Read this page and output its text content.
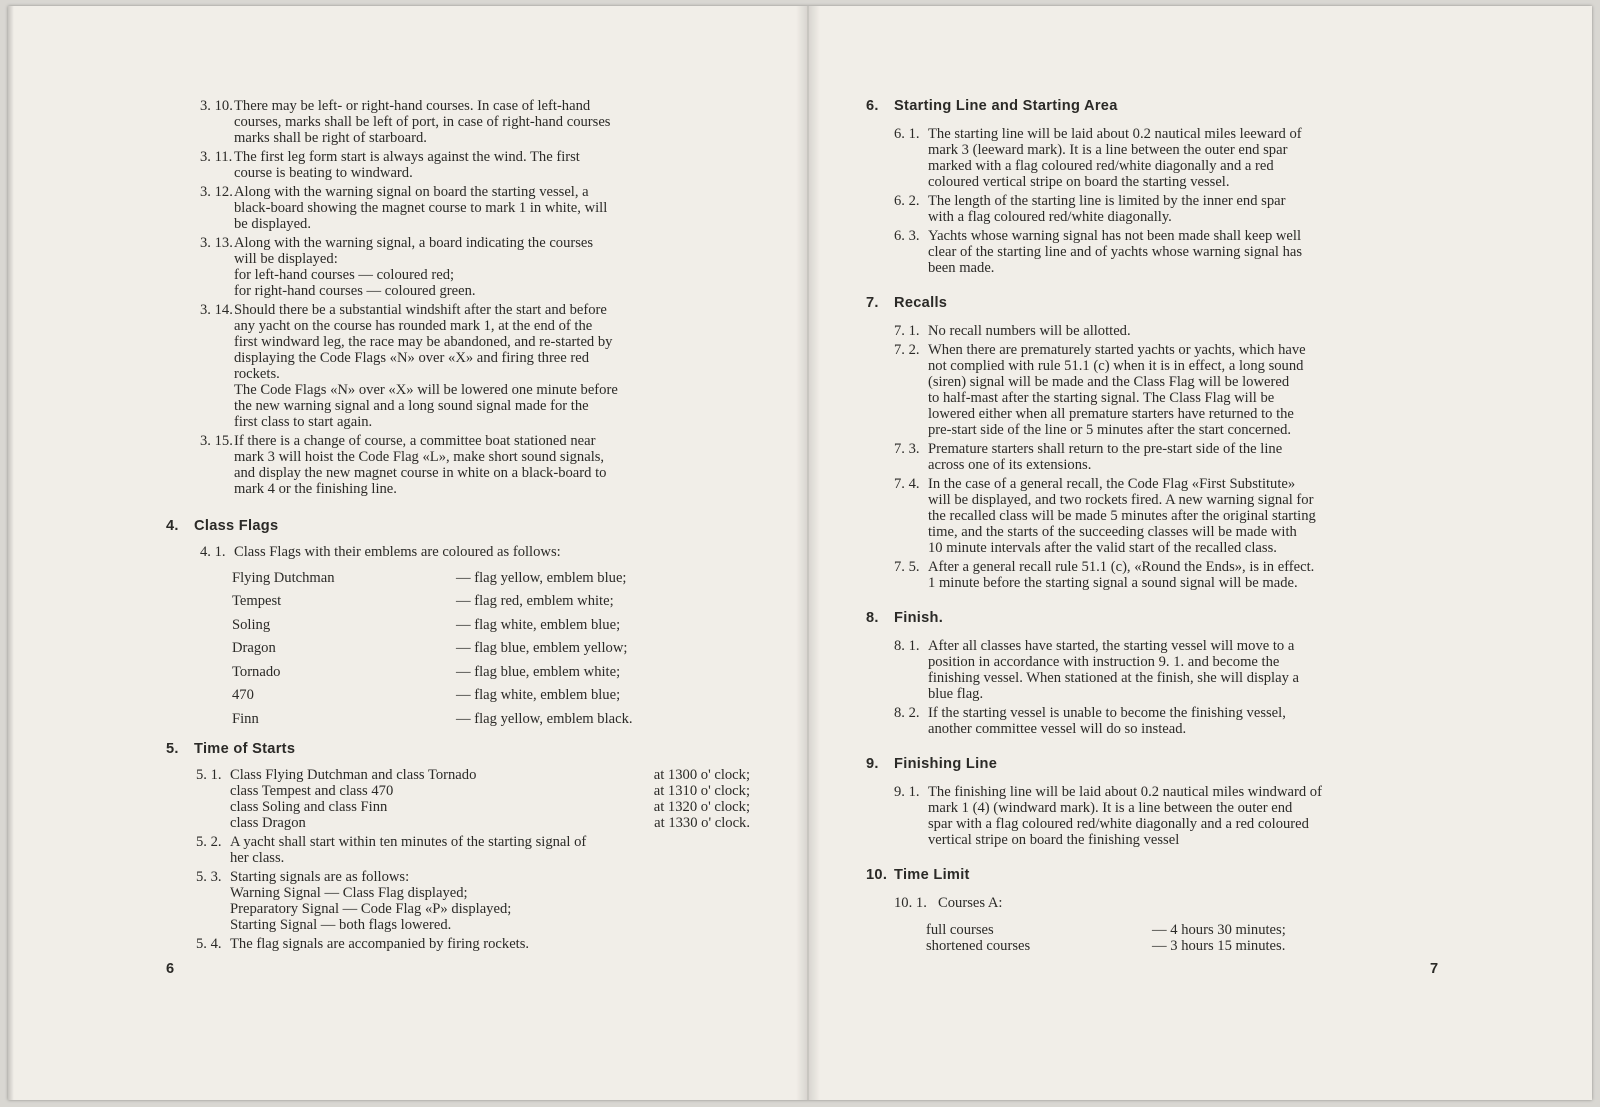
3. 10. There may be left- or right-hand courses. In case of left-hand
courses, marks shall be left of port, in case of right-hand courses
marks shall be right of starboard.
3. 11. The first leg form start is always against the wind. The first
course is beating to windward.
3. 12. Along with the warning signal on board the starting vessel, a
black-board showing the magnet course to mark 1 in white, will
be displayed.
3. 13. Along with the warning signal, a board indicating the courses
will be displayed:
for left-hand courses — coloured red;
for right-hand courses — coloured green.
3. 14. Should there be a substantial windshift after the start and before
any yacht on the course has rounded mark 1, at the end of the
first windward leg, the race may be abandoned, and re-started by
displaying the Code Flags «N» over «X» and firing three red
rockets.
The Code Flags «N» over «X» will be lowered one minute before
the new warning signal and a long sound signal made for the
first class to start again.
3. 15. If there is a change of course, a committee boat stationed near
mark 3 will hoist the Code Flag «L», make short sound signals,
and display the new magnet course in white on a black-board to
mark 4 or the finishing line.
4.	Class Flags
4. 1. Class Flags with their emblems are coloured as follows:
Flying Dutchman	— flag yellow, emblem blue;
Tempest	— flag red, emblem white;
Soling	— flag white, emblem blue;
Dragon	— flag blue, emblem yellow;
Tornado	— flag blue, emblem white;
470	— flag white, emblem blue;
Finn	— flag yellow, emblem black.
5.	Time of Starts
5. 1. Class Flying Dutchman and class Tornado	at 1300 o' clock;
class Tempest and class 470	at 1310 o' clock;
class Soling and class Finn	at 1320 o' clock;
class Dragon	at 1330 o' clock.
5. 2. A yacht shall start within ten minutes of the starting signal of
her class.
5. 3. Starting signals are as follows:
Warning Signal — Class Flag displayed;
Preparatory Signal — Code Flag «P» displayed;
Starting Signal — both flags lowered.
5. 4. The flag signals are accompanied by firing rockets.
6
6.	Starting Line and Starting Area
6. 1. The starting line will be laid about 0.2 nautical miles leeward of
mark 3 (leeward mark). It is a line between the outer end spar
marked with a flag coloured red/white diagonally and a red
coloured vertical stripe on board the starting vessel.
6. 2. The length of the starting line is limited by the inner end spar
with a flag coloured red/white diagonally.
6. 3. Yachts whose warning signal has not been made shall keep well
clear of the starting line and of yachts whose warning signal has
been made.
7.	Recalls
7. 1. No recall numbers will be allotted.
7. 2. When there are prematurely started yachts or yachts, which have
not complied with rule 51.1 (c) when it is in effect, a long sound
(siren) signal will be made and the Class Flag will be lowered
to half-mast after the starting signal. The Class Flag will be
lowered either when all premature starters have returned to the
pre-start side of the line or 5 minutes after the start concerned.
7. 3. Premature starters shall return to the pre-start side of the line
across one of its extensions.
7. 4. In the case of a general recall, the Code Flag «First Substitute»
will be displayed, and two rockets fired. A new warning signal for
the recalled class will be made 5 minutes after the original starting
time, and the starts of the succeeding classes will be made with
10 minute intervals after the valid start of the recalled class.
7. 5. After a general recall rule 51.1 (c), «Round the Ends», is in effect.
1 minute before the starting signal a sound signal will be made.
8.	Finish.
8. 1. After all classes have started, the starting vessel will move to a
position in accordance with instruction 9. 1. and become the
finishing vessel. When stationed at the finish, she will display a
blue flag.
8. 2. If the starting vessel is unable to become the finishing vessel,
another committee vessel will do so instead.
9.	Finishing Line
9. 1. The finishing line will be laid about 0.2 nautical miles windward of
mark 1 (4) (windward mark). It is a line between the outer end
spar with a flag coloured red/white diagonally and a red coloured
vertical stripe on board the finishing vessel
10. Time Limit
10. 1. Courses A:
full courses	— 4 hours 30 minutes;
shortened courses	— 3 hours 15 minutes.
7
